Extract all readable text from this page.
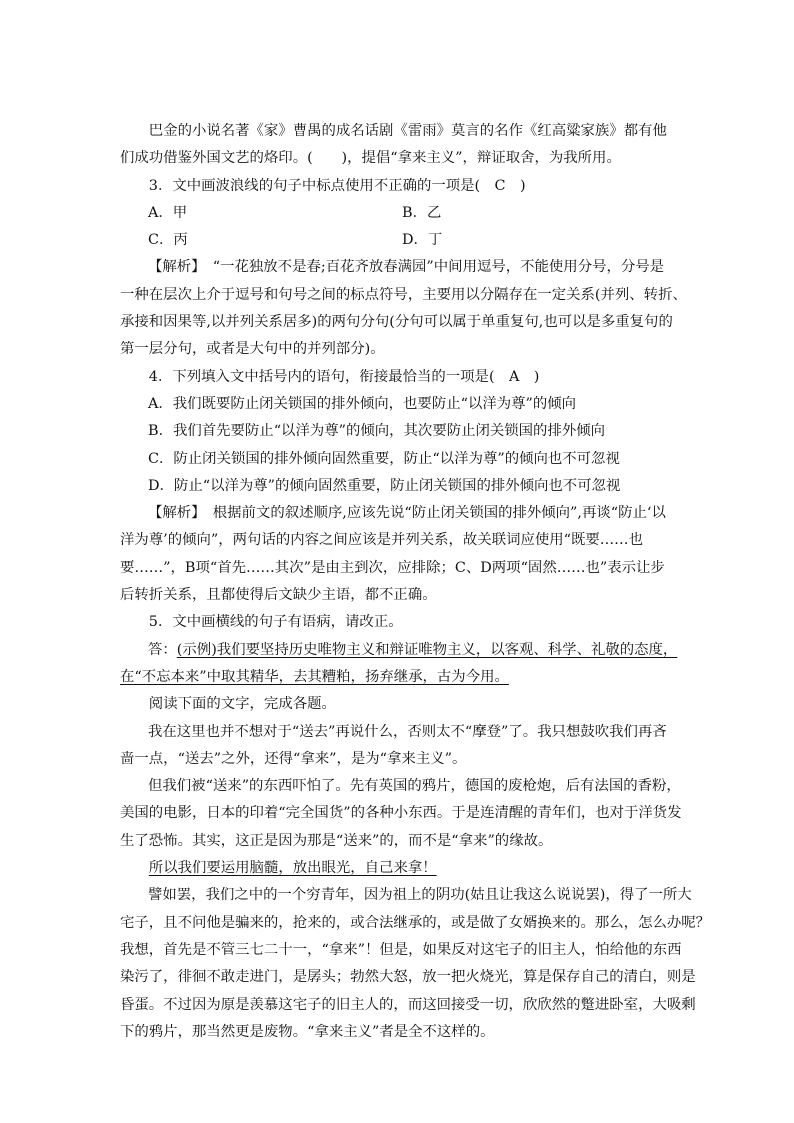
巴金的小说名著《家》曹禺的成名话剧《雷雨》莫言的名作《红高粱家族》都有他
们成功借鉴外国文艺的烙印。(　　)，提倡“拿来主义”，辩证取舍，为我所用。

3．文中画波浪线的句子中标点使用不正确的一项是(　C　)

A．甲	B．乙
C．丙	D．丁

【解析】　“一花独放不是春;百花齐放春满园”中间用逗号，不能使用分号，分号是
一种在层次上介于逗号和句号之间的标点符号，主要用以分隔存在一定关系(并列、转折、
承接和因果等,以并列关系居多)的两句分句(分句可以属于单重复句,也可以是多重复句的
第一层分句，或者是大句中的并列部分)。

4．下列填入文中括号内的语句，衔接最恰当的一项是(　A　)

A．我们既要防止闭关锁国的排外倾向，也要防止“以洋为尊”的倾向
B．我们首先要防止“以洋为尊”的倾向，其次要防止闭关锁国的排外倾向
C．防止闭关锁国的排外倾向固然重要，防止“以洋为尊”的倾向也不可忽视
D．防止“以洋为尊”的倾向固然重要，防止闭关锁国的排外倾向也不可忽视

【解析】　根据前文的叙述顺序,应该先说“防止闭关锁国的排外倾向”,再谈“防止‘以
洋为尊’的倾向”，两句话的内容之间应该是并列关系，故关联词应使用“既要……也
要……”，B项“首先……其次”是由主到次，应排除；C、D两项“固然……也”表示让步
后转折关系，且都使得后文缺少主语，都不正确。

5．文中画横线的句子有语病，请改正。

答：(示例)我们要坚持历史唯物主义和辩证唯物主义，以客观、科学、礼敬的态度，
在“不忘本来”中取其精华，去其糟粕，扬弃继承，古为今用。

阅读下面的文字，完成各题。

我在这里也并不想对于“送去”再说什么，否则太不“摩登”了。我只想鼓吹我们再吝
啬一点，“送去”之外，还得“拿来”，是为“拿来主义”。

但我们被“送来”的东西吓怕了。先有英国的鸦片，德国的废枪炮，后有法国的香粉，
美国的电影，日本的印着“完全国货”的各种小东西。于是连清醒的青年们，也对于洋货发
生了恐怖。其实，这正是因为那是“送来”的，而不是“拿来”的缘故。

所以我们要运用脑髓，放出眼光，自己来拿！

譬如罢，我们之中的一个穷青年，因为祖上的阴功(姑且让我这么说说罢)，得了一所大
宅子，且不问他是骗来的，抢来的，或合法继承的，或是做了女婿换来的。那么，怎么办呢？
我想，首先是不管三七二十一，“拿来”！但是，如果反对这宅子的旧主人，怕给他的东西
染污了，徘徊不敢走进门，是孱头；勃然大怒，放一把火烧光，算是保存自己的清白，则是
昏蛋。不过因为原是羡慕这宅子的旧主人的，而这回接受一切，欣欣然的蹩进卧室，大吸剩
下的鸦片，那当然更是废物。“拿来主义”者是全不这样的。
